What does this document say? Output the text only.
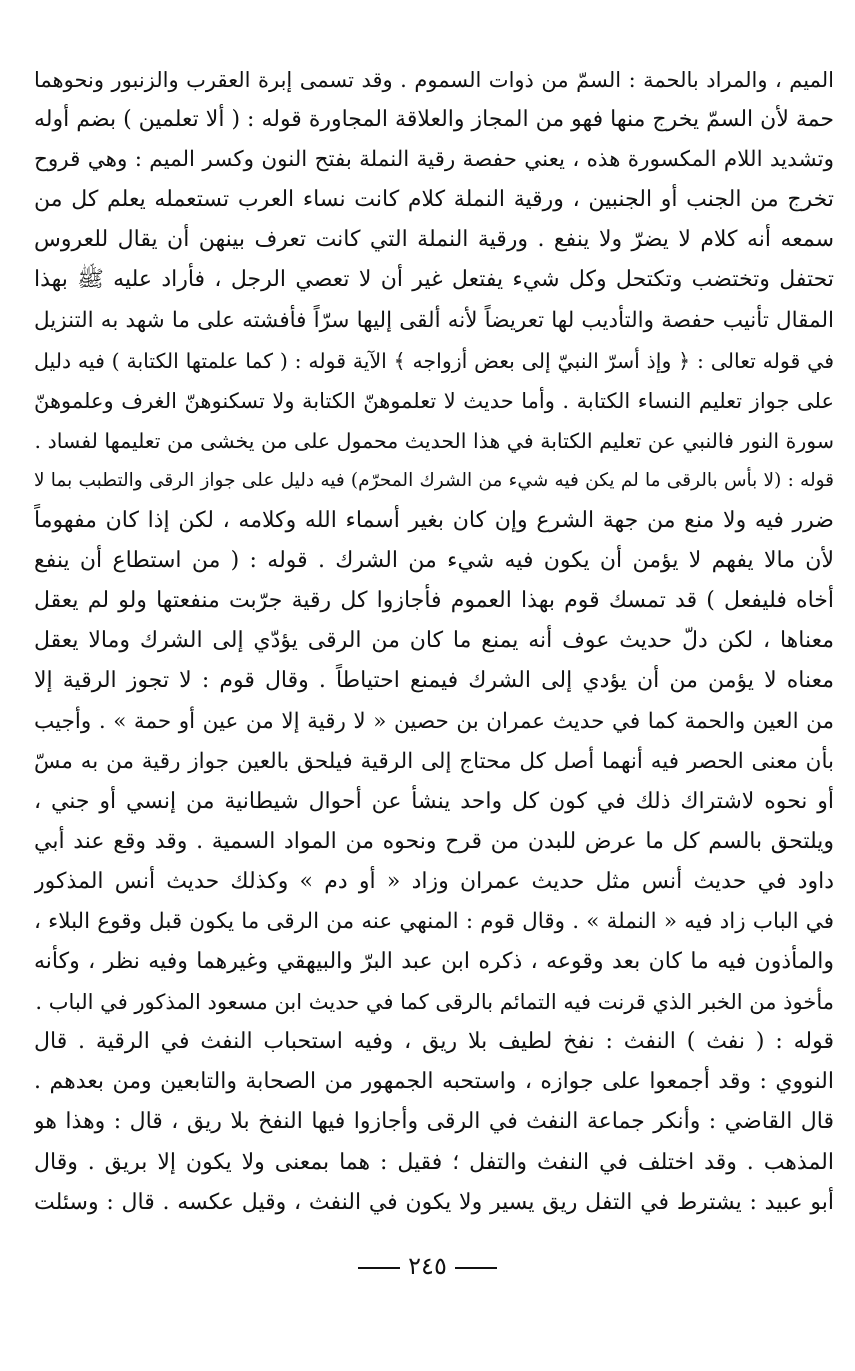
الميم ، والمراد بالحمة : السمّ من ذوات السموم . وقد تسمى إبرة العقرب والزنبور ونحوهما
حمة لأن السمّ يخرج منها فهو من المجاز والعلاقة المجاورة قوله : ( ألا تعلمين ) بضم أوله
وتشديد اللام المكسورة هذه ، يعني حفصة رقية النملة بفتح النون وكسر الميم : وهي قروح
تخرج من الجنب أو الجنبين ، ورقية النملة كلام كانت نساء العرب تستعمله يعلم كل من
سمعه أنه كلام لا يضرّ ولا ينفع . ورقية النملة التي كانت تعرف بينهن أن يقال للعروس
تحتفل وتختضب وتكتحل وكل شيء يفتعل غير أن لا تعصي الرجل ، فأراد عليه ﷺ بهذا
المقال تأنيب حفصة والتأديب لها تعريضاً لأنه ألقى إليها سرّاً فأفشته على ما شهد به التنزيل
في قوله تعالى : ﴿ وإذ أسرّ النبيّ إلى بعض أزواجه ﴾ الآية قوله : ( كما علمتها الكتابة ) فيه دليل
على جواز تعليم النساء الكتابة . وأما حديث لا تعلموهنّ الكتابة ولا تسكنوهنّ الغرف وعلموهنّ
سورة النور فالنبي عن تعليم الكتابة في هذا الحديث محمول على من يخشى من تعليمها لفساد .
قوله : (لا بأس بالرقى ما لم يكن فيه شيء من الشرك المحرّم) فيه دليل على جواز الرقى والتطبب بما لا
ضرر فيه ولا منع من جهة الشرع وإن كان بغير أسماء الله وكلامه ، لكن إذا كان مفهوماً
لأن مالا يفهم لا يؤمن أن يكون فيه شيء من الشرك . قوله : ( من استطاع أن ينفع
أخاه فليفعل ) قد تمسك قوم بهذا العموم فأجازوا كل رقية جرّبت منفعتها ولو لم يعقل
معناها ، لكن دلّ حديث عوف أنه يمنع ما كان من الرقى يؤدّي إلى الشرك ومالا يعقل
معناه لا يؤمن من أن يؤدي إلى الشرك فيمنع احتياطاً . وقال قوم : لا تجوز الرقية إلا
من العين والحمة كما في حديث عمران بن حصين « لا رقية إلا من عين أو حمة » . وأجيب
بأن معنى الحصر فيه أنهما أصل كل محتاج إلى الرقية فيلحق بالعين جواز رقية من به مسّ
أو نحوه لاشتراك ذلك في كون كل واحد ينشأ عن أحوال شيطانية من إنسي أو جني ،
ويلتحق بالسم كل ما عرض للبدن من قرح ونحوه من المواد السمية . وقد وقع عند أبي
داود في حديث أنس مثل حديث عمران وزاد « أو دم » وكذلك حديث أنس المذكور
في الباب زاد فيه « النملة » . وقال قوم : المنهي عنه من الرقى ما يكون قبل وقوع البلاء ،
والمأذون فيه ما كان بعد وقوعه ، ذكره ابن عبد البرّ والبيهقي وغيرهما وفيه نظر ، وكأنه
مأخوذ من الخبر الذي قرنت فيه التمائم بالرقى كما في حديث ابن مسعود المذكور في الباب .
قوله : ( نفث ) النفث : نفخ لطيف بلا ريق ، وفيه استحباب النفث في الرقية . قال
النووي : وقد أجمعوا على جوازه ، واستحبه الجمهور من الصحابة والتابعين ومن بعدهم .
قال القاضي : وأنكر جماعة النفث في الرقى وأجازوا فيها النفخ بلا ريق ، قال : وهذا هو
المذهب . وقد اختلف في النفث والتفل ؛ فقيل : هما بمعنى ولا يكون إلا بريق . وقال
أبو عبيد : يشترط في التفل ريق يسير ولا يكون في النفث ، وقيل عكسه . قال : وسئلت
٢٤٥
